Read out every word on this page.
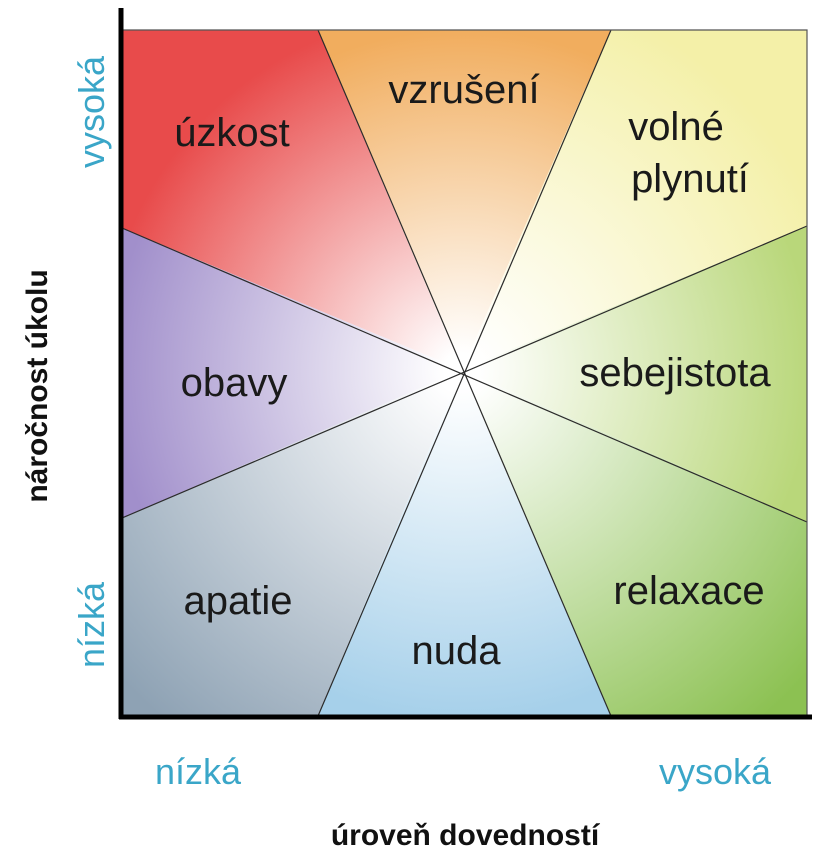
úzkost
vzrušení
volné
plynutí
obavy	sebejistota
apatie
nuda
relaxace
vysoká
nízká
náročnost úkolu
nízká	vysoká
úroveň dovedností
